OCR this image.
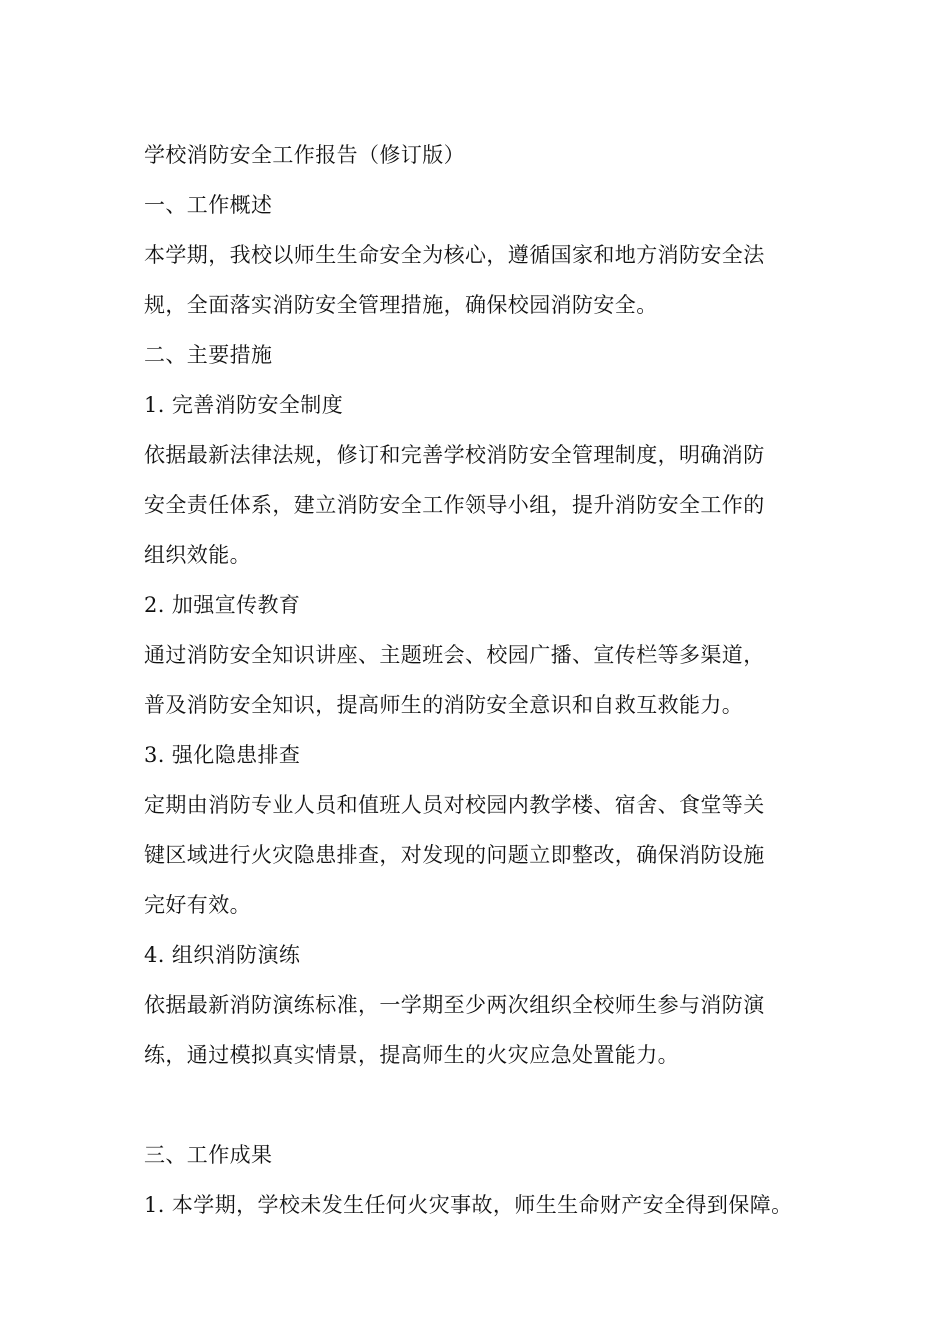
学校消防安全工作报告（修订版）
一、工作概述
本学期，我校以师生生命安全为核心，遵循国家和地方消防安全法
规，全面落实消防安全管理措施，确保校园消防安全。
二、主要措施
1. 完善消防安全制度
依据最新法律法规，修订和完善学校消防安全管理制度，明确消防
安全责任体系，建立消防安全工作领导小组，提升消防安全工作的
组织效能。
2. 加强宣传教育
通过消防安全知识讲座、主题班会、校园广播、宣传栏等多渠道，
普及消防安全知识，提高师生的消防安全意识和自救互救能力。
3. 强化隐患排查
定期由消防专业人员和值班人员对校园内教学楼、宿舍、食堂等关
键区域进行火灾隐患排查，对发现的问题立即整改，确保消防设施
完好有效。
4. 组织消防演练
依据最新消防演练标准，一学期至少两次组织全校师生参与消防演
练，通过模拟真实情景，提高师生的火灾应急处置能力。
三、工作成果
1. 本学期，学校未发生任何火灾事故，师生生命财产安全得到保障。
